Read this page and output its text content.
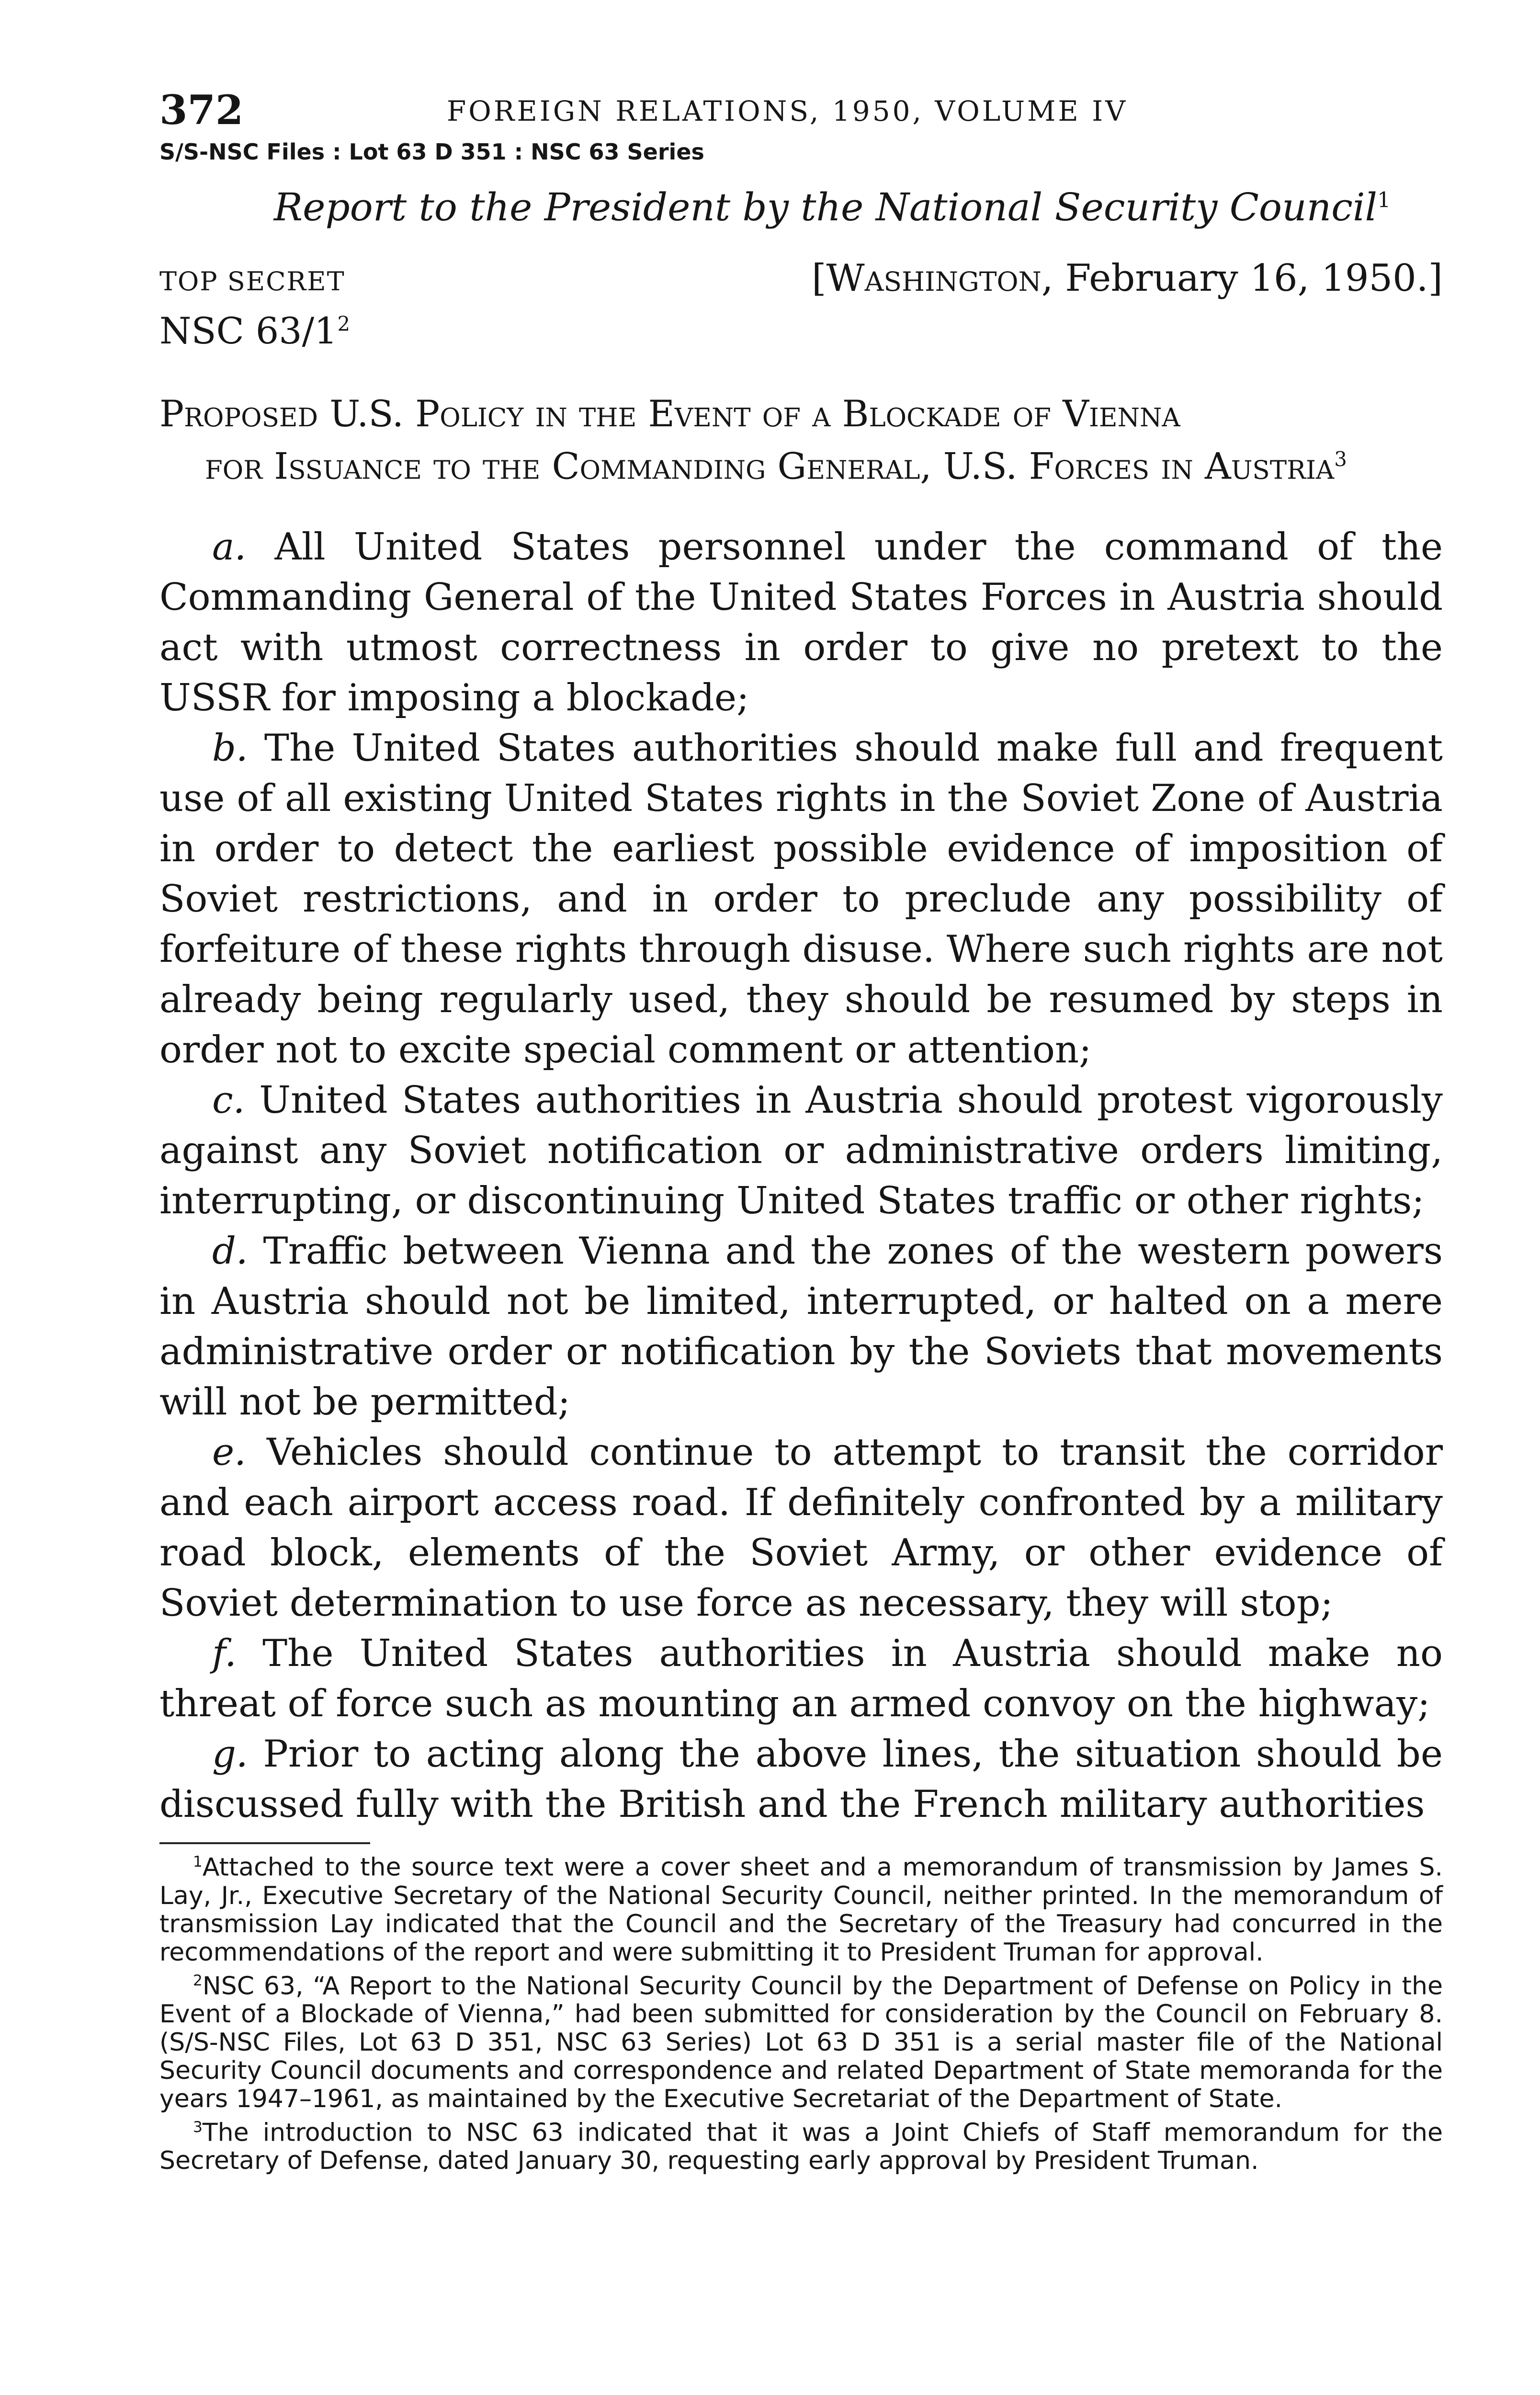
372	FOREIGN RELATIONS, 1950, VOLUME IV
S/S-NSC Files : Lot 63 D 351 : NSC 63 Series
Report to the President by the National Security Council$^1$
TOP SECRET	[Washington, February 16, 1950.]
NSC $63/1^2$
Proposed U.S. Policy in the Event of a Blockade of Vienna
for Issuance to the Commanding General, U.S. Forces in Austria$^3$

a. All United States personnel under the command of the Commanding General of the United States Forces in Austria should act with utmost correctness in order to give no pretext to the USSR for imposing a blockade;

b. The United States authorities should make full and frequent use of all existing United States rights in the Soviet Zone of Austria in order to detect the earliest possible evidence of imposition of Soviet restrictions, and in order to preclude any possibility of forfeiture of these rights through disuse. Where such rights are not already being regularly used, they should be resumed by steps in order not to excite special comment or attention;

c. United States authorities in Austria should protest vigorously against any Soviet notification or administrative orders limiting, interrupting, or discontinuing United States traffic or other rights;

d. Traffic between Vienna and the zones of the western powers in Austria should not be limited, interrupted, or halted on a mere administrative order or notification by the Soviets that movements will not be permitted;

e. Vehicles should continue to attempt to transit the corridor and each airport access road. If definitely confronted by a military road block, elements of the Soviet Army, or other evidence of Soviet determination to use force as necessary, they will stop;

f. The United States authorities in Austria should make no threat of force such as mounting an armed convoy on the highway;

g. Prior to acting along the above lines, the situation should be discussed fully with the British and the French military authorities

$^1$Attached to the source text were a cover sheet and a memorandum of transmission by James S. Lay, Jr., Executive Secretary of the National Security Council, neither printed. In the memorandum of transmission Lay indicated that the Council and the Secretary of the Treasury had concurred in the recommendations of the report and were submitting it to President Truman for approval.

$^2$NSC 63, “A Report to the National Security Council by the Department of Defense on Policy in the Event of a Blockade of Vienna,” had been submitted for consideration by the Council on February 8. (S/S-NSC Files, Lot 63 D 351, NSC 63 Series) Lot 63 D 351 is a serial master file of the National Security Council documents and correspondence and related Department of State memoranda for the years 1947–1961, as maintained by the Executive Secretariat of the Department of State.

$^3$The introduction to NSC 63 indicated that it was a Joint Chiefs of Staff memorandum for the Secretary of Defense, dated January 30, requesting early approval by President Truman.
